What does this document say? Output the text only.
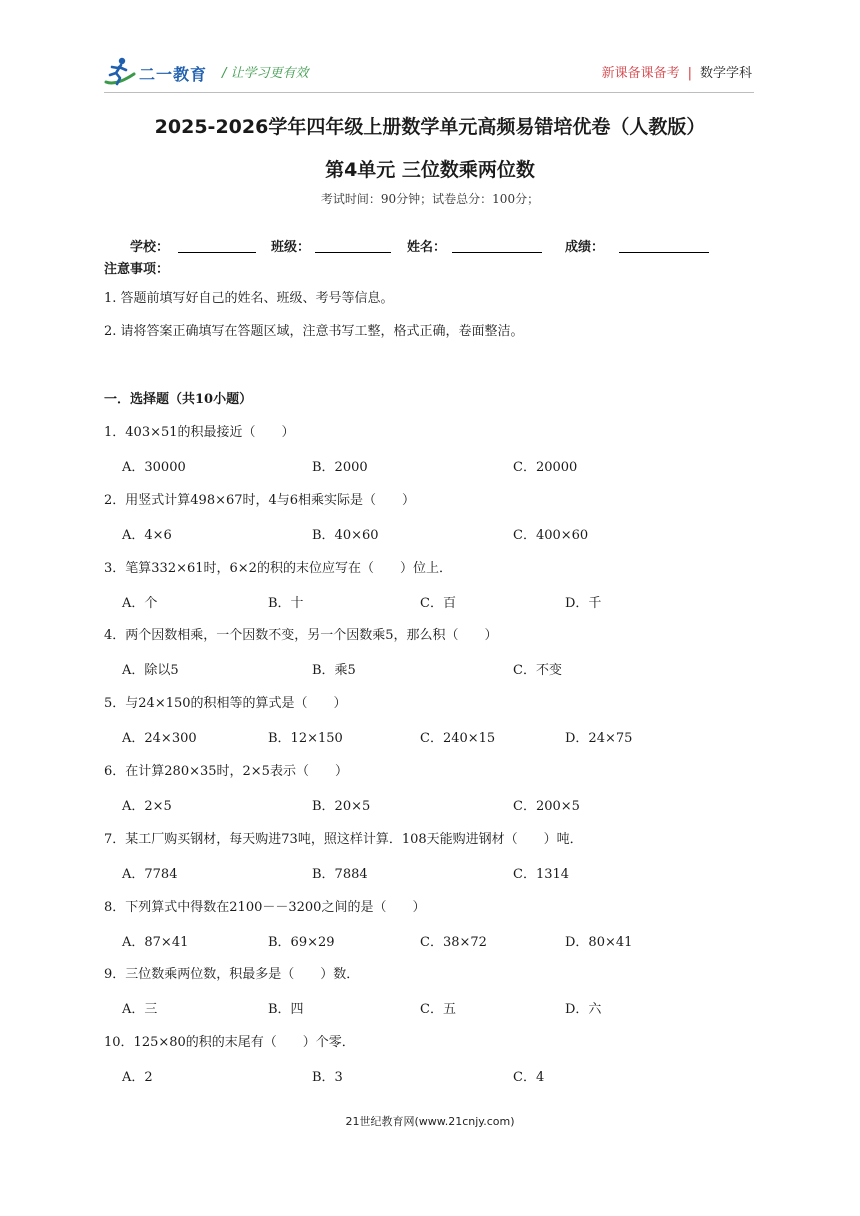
二一教育 / 让学习更有效	新课备课备考 | 数学学科
2025-2026学年四年级上册数学单元高频易错培优卷（人教版）
第4单元 三位数乘两位数
考试时间：90分钟；试卷总分：100分；
学校：	班级：	姓名：	成绩：
注意事项：
1. 答题前填写好自己的姓名、班级、考号等信息。
2. 请将答案正确填写在答题区域，注意书写工整，格式正确，卷面整洁。
一．选择题（共10小题）
1．403×51的积最接近（　　）
A．30000	B．2000	C．20000
2．用竖式计算498×67时，4与6相乘实际是（　　）
A．4×6	B．40×60	C．400×60
3．笔算332×61时，6×2的积的末位应写在（　　）位上．
A．个	B．十	C．百	D．千
4．两个因数相乘，一个因数不变，另一个因数乘5，那么积（　　）
A．除以5	B．乘5	C．不变
5．与24×150的积相等的算式是（　　）
A．24×300	B．12×150	C．240×15	D．24×75
6．在计算280×35时，2×5表示（　　）
A．2×5	B．20×5	C．200×5
7．某工厂购买钢材，每天购进73吨，照这样计算．108天能购进钢材（　　）吨．
A．7784	B．7884	C．1314
8．下列算式中得数在2100－－3200之间的是（　　）
A．87×41	B．69×29	C．38×72	D．80×41
9．三位数乘两位数，积最多是（　　）数．
A．三	B．四	C．五	D．六
10．125×80的积的末尾有（　　）个零．
A．2	B．3	C．4
21世纪教育网(www.21cnjy.com)
